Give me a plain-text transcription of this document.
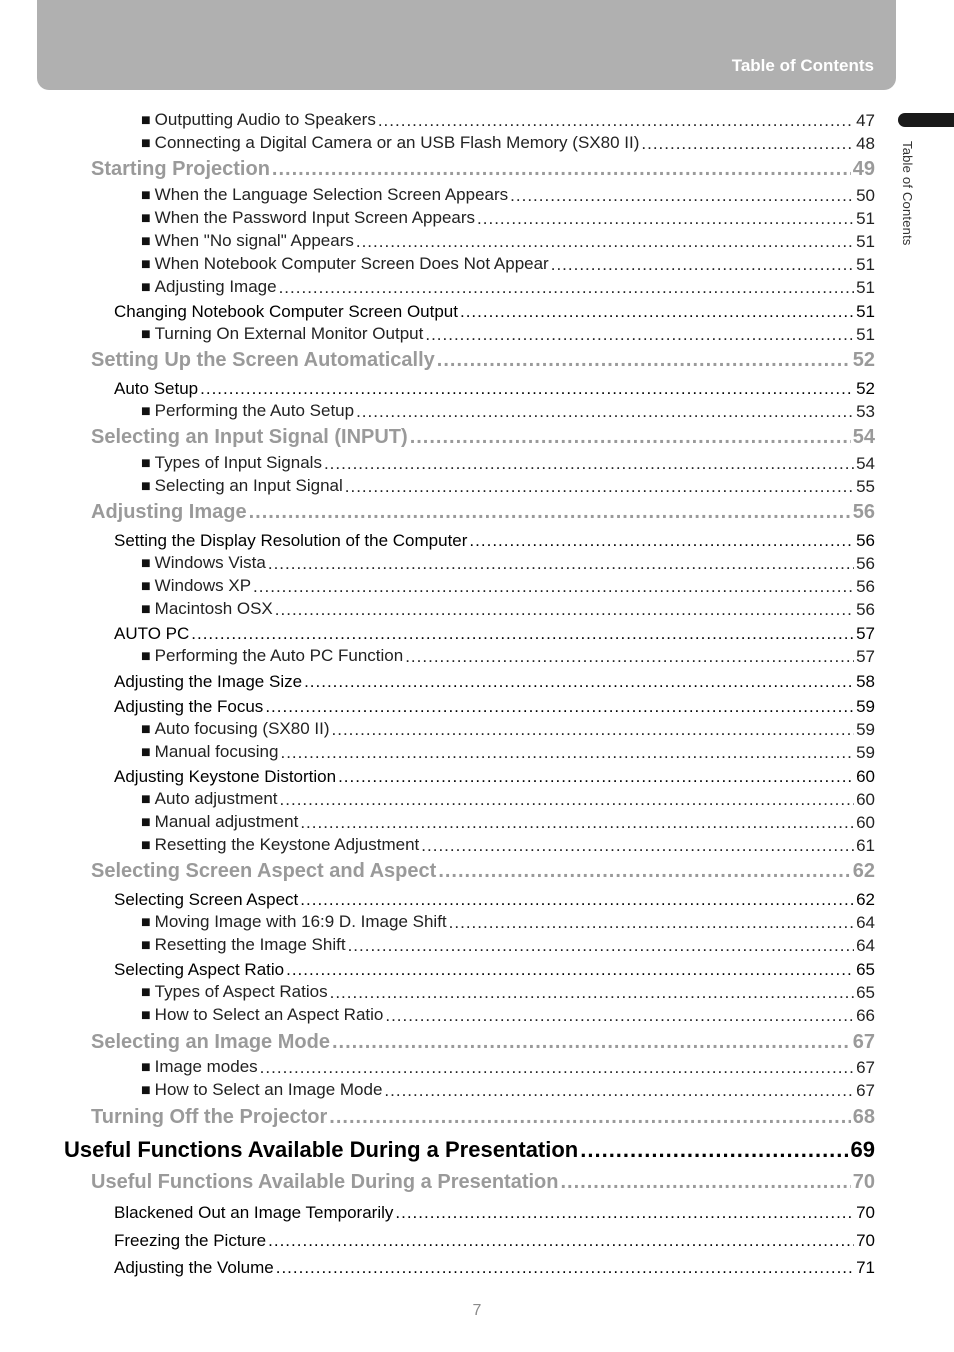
Table of Contents
Table of Contents
■ Outputting Audio to Speakers .....	47
■ Connecting a Digital Camera or an USB Flash Memory (SX80 II) .....	48
Starting Projection .....	49
■ When the Language Selection Screen Appears .....	50
■ When the Password Input Screen Appears .....	51
■ When "No signal" Appears .....	51
■ When Notebook Computer Screen Does Not Appear .....	51
■ Adjusting Image .....	51
Changing Notebook Computer Screen Output .....	51
■ Turning On External Monitor Output .....	51
Setting Up the Screen Automatically .....	52
Auto Setup .....	52
■ Performing the Auto Setup .....	53
Selecting an Input Signal (INPUT) .....	54
■ Types of Input Signals .....	54
■ Selecting an Input Signal .....	55
Adjusting Image .....	56
Setting the Display Resolution of the Computer .....	56
■ Windows Vista .....	56
■ Windows XP .....	56
■ Macintosh OSX .....	56
AUTO PC .....	57
■ Performing the Auto PC Function .....	57
Adjusting the Image Size .....	58
Adjusting the Focus .....	59
■ Auto focusing (SX80 II) .....	59
■ Manual focusing .....	59
Adjusting Keystone Distortion .....	60
■ Auto adjustment .....	60
■ Manual adjustment .....	60
■ Resetting the Keystone Adjustment .....	61
Selecting Screen Aspect and Aspect .....	62
Selecting Screen Aspect .....	62
■ Moving Image with 16:9 D. Image Shift .....	64
■ Resetting the Image Shift .....	64
Selecting Aspect Ratio .....	65
■ Types of Aspect Ratios .....	65
■ How to Select an Aspect Ratio .....	66
Selecting an Image Mode .....	67
■ Image modes .....	67
■ How to Select an Image Mode .....	67
Turning Off the Projector .....	68
Useful Functions Available During a Presentation .....	69
Useful Functions Available During a Presentation .....	70
Blackened Out an Image Temporarily .....	70
Freezing the Picture .....	70
Adjusting the Volume .....	71
7
